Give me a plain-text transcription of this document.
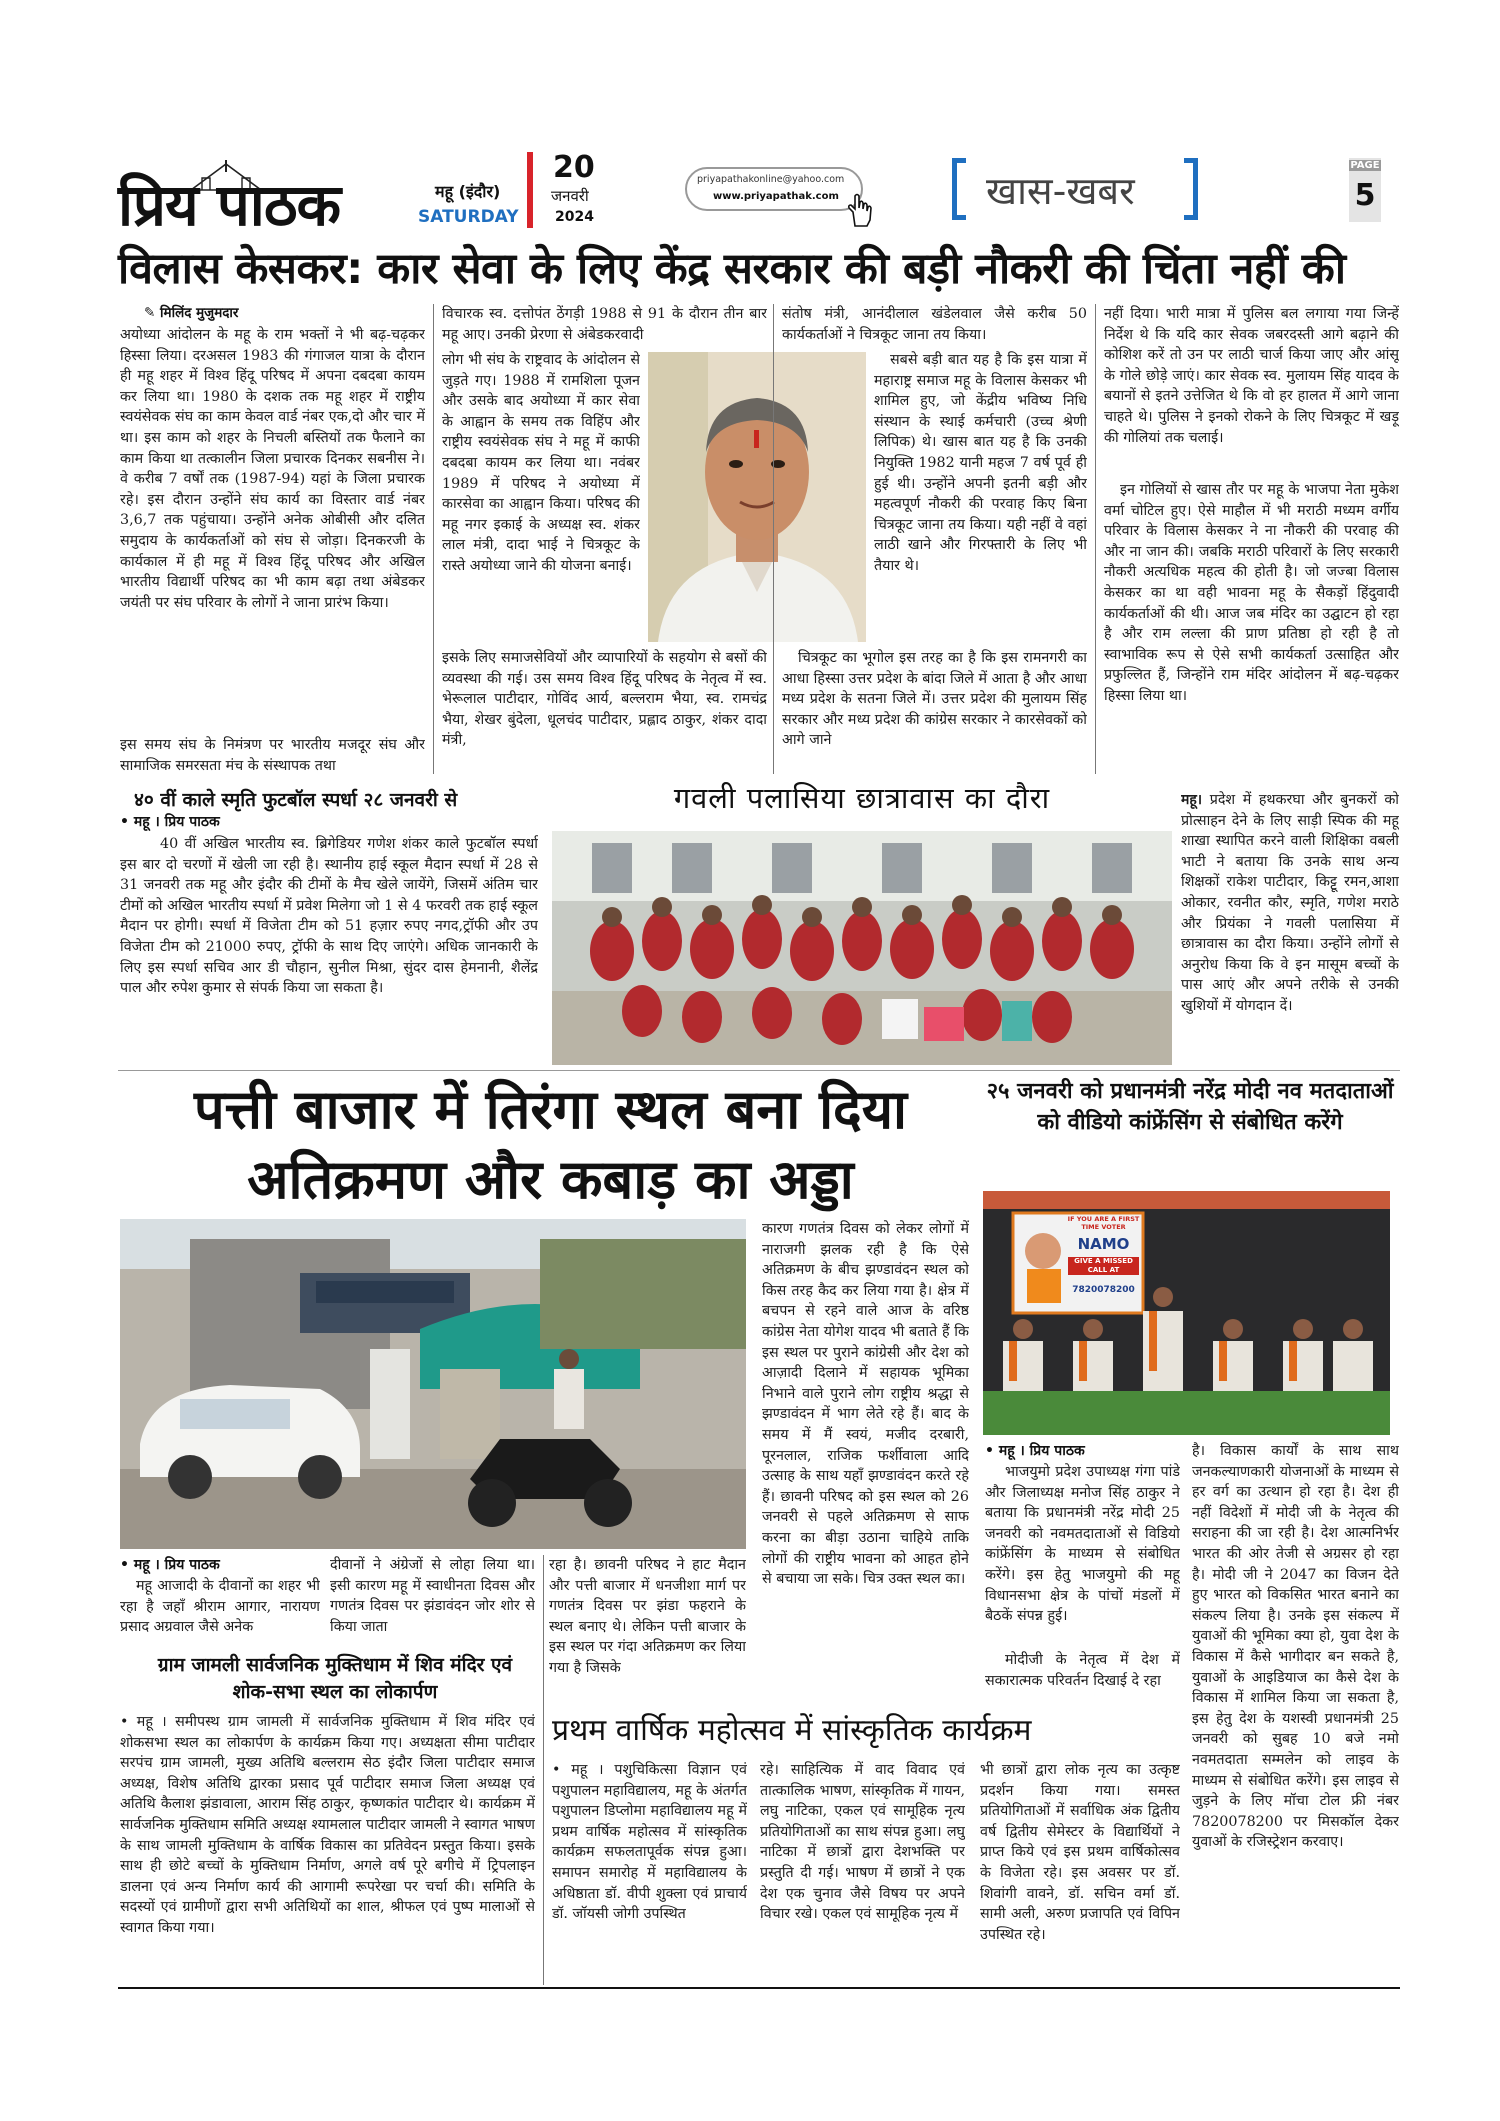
प्रिय पाठक	महू (इंदौर)
SATURDAY
20
जनवरी
2024
priyapathakonline@yahoo.com
www.priyapathak.com	खास-खबर
PAGE
5
विलास केसकर: कार सेवा के लिए केंद्र सरकार की बड़ी नौकरी की चिंता नहीं की
✎ मिलिंद मुजुमदार
अयोध्या आंदोलन के महू के राम भक्तों ने भी बढ़-चढ़कर हिस्सा लिया। दरअसल 1983 की गंगाजल यात्रा के दौरान ही महू शहर में विश्व हिंदू परिषद में अपना दबदबा कायम कर लिया था। 1980 के दशक तक महू शहर में राष्ट्रीय स्वयंसेवक संघ का काम केवल वार्ड नंबर एक,दो और चार में था। इस काम को शहर के निचली बस्तियों तक फैलाने का काम किया था तत्कालीन जिला प्रचारक दिनकर सबनीस ने। वे करीब 7 वर्षों तक (1987-94) यहां के जिला प्रचारक रहे। इस दौरान उन्होंने संघ कार्य का विस्तार वार्ड नंबर 3,6,7 तक पहुंचाया। उन्होंने अनेक ओबीसी और दलित समुदाय के कार्यकर्ताओं को संघ से जोड़ा। दिनकरजी के कार्यकाल में ही महू में विश्व हिंदू परिषद और अखिल भारतीय विद्यार्थी परिषद का भी काम बढ़ा तथा अंबेडकर जयंती पर संघ परिवार के लोगों ने जाना प्रारंभ किया।
इस समय संघ के निमंत्रण पर भारतीय मजदूर संघ और सामाजिक समरसता मंच के संस्थापक तथा
विचारक स्व. दत्तोपंत ठेंगड़ी 1988 से 91 के दौरान तीन बार महू आए। उनकी प्रेरणा से अंबेडकरवादी
लोग भी संघ के राष्ट्रवाद के आंदोलन से जुड़ते गए। 1988 में रामशिला पूजन और उसके बाद अयोध्या में कार सेवा के आह्वान के समय तक विहिंप और राष्ट्रीय स्वयंसेवक संघ ने महू में काफी दबदबा कायम कर लिया था। नवंबर 1989 में परिषद ने अयोध्या में कारसेवा का आह्वान किया। परिषद की महू नगर इकाई के अध्यक्ष स्व. शंकर लाल मंत्री, दादा भाई ने चित्रकूट के रास्ते अयोध्या जाने की योजना बनाई।
इसके लिए समाजसेवियों और व्यापारियों के सहयोग से बसों की व्यवस्था की गई। उस समय विश्व हिंदू परिषद के नेतृत्व में स्व. भेरूलाल पाटीदार, गोविंद आर्य, बल्लराम भैया, स्व. रामचंद्र भैया, शेखर बुंदेला, धूलचंद पाटीदार, प्रह्लाद ठाकुर, शंकर दादा मंत्री,
संतोष मंत्री, आनंदीलाल खंडेलवाल जैसे करीब 50 कार्यकर्ताओं ने चित्रकूट जाना तय किया।
सबसे बड़ी बात यह है कि इस यात्रा में महाराष्ट्र समाज महू के विलास केसकर भी शामिल हुए, जो केंद्रीय भविष्य निधि संस्थान के स्थाई कर्मचारी (उच्च श्रेणी लिपिक) थे। खास बात यह है कि उनकी नियुक्ति 1982 यानी महज 7 वर्ष पूर्व ही हुई थी। उन्होंने अपनी इतनी बड़ी और महत्वपूर्ण नौकरी की परवाह किए बिना चित्रकूट जाना तय किया। यही नहीं वे वहां लाठी खाने और गिरफ्तारी के लिए भी तैयार थे।
चित्रकूट का भूगोल इस तरह का है कि इस रामनगरी का आधा हिस्सा उत्तर प्रदेश के बांदा जिले में आता है और आधा मध्य प्रदेश के सतना जिले में। उत्तर प्रदेश की मुलायम सिंह सरकार और मध्य प्रदेश की कांग्रेस सरकार ने कारसेवकों को आगे जाने
नहीं दिया। भारी मात्रा में पुलिस बल लगाया गया जिन्हें निर्देश थे कि यदि कार सेवक जबरदस्ती आगे बढ़ाने की कोशिश करें तो उन पर लाठी चार्ज किया जाए और आंसू के गोले छोड़े जाएं। कार सेवक स्व. मुलायम सिंह यादव के बयानों से इतने उत्तेजित थे कि वो हर हालत में आगे जाना चाहते थे। पुलिस ने इनको रोकने के लिए चित्रकूट में खड़ू की गोलियां तक चलाई।
इन गोलियों से खास तौर पर महू के भाजपा नेता मुकेश वर्मा चोटिल हुए। ऐसे माहौल में भी मराठी मध्यम वर्गीय परिवार के विलास केसकर ने ना नौकरी की परवाह की और ना जान की। जबकि मराठी परिवारों के लिए सरकारी नौकरी अत्यधिक महत्व की होती है। जो जज्बा विलास केसकर का था वही भावना महू के सैकड़ों हिंदुवादी कार्यकर्ताओं की थी। आज जब मंदिर का उद्घाटन हो रहा है और राम लल्ला की प्राण प्रतिष्ठा हो रही है तो स्वाभाविक रूप से ऐसे सभी कार्यकर्ता उत्साहित और प्रफुल्लित हैं, जिन्होंने राम मंदिर आंदोलन में बढ़-चढ़कर हिस्सा लिया था।
४० वीं काले स्मृति फुटबॉल स्पर्धा २८ जनवरी से
• महू । प्रिय पाठक
40 वीं अखिल भारतीय स्व. ब्रिगेडियर गणेश शंकर काले फुटबॉल स्पर्धा इस बार दो चरणों में खेली जा रही है। स्थानीय हाई स्कूल मैदान स्पर्धा में 28 से 31 जनवरी तक महू और इंदौर की टीमों के मैच खेले जायेंगे, जिसमें अंतिम चार टीमों को अखिल भारतीय स्पर्धा में प्रवेश मिलेगा जो 1 से 4 फरवरी तक हाई स्कूल मैदान पर होगी। स्पर्धा में विजेता टीम को 51 हज़ार रुपए नगद,ट्रॉफी और उप विजेता टीम को 21000 रुपए, ट्रॉफी के साथ दिए जाएंगे। अधिक जानकारी के लिए इस स्पर्धा सचिव आर डी चौहान, सुनील मिश्रा, सुंदर दास हेमनानी, शैलेंद्र पाल और रुपेश कुमार से संपर्क किया जा सकता है।
गवली पलासिया छात्रावास का दौरा	महू। प्रदेश में हथकरघा और बुनकरों को प्रोत्साहन देने के लिए साड़ी स्पिक की महू शाखा स्थापित करने वाली शिक्षिका वबली भाटी ने बताया कि उनके साथ अन्य शिक्षकों राकेश पाटीदार, किट्टू रमन,आशा ओकार, रवनीत कौर, स्मृति, गणेश मराठे और प्रियंका ने गवली पलासिया में छात्रावास का दौरा किया। उन्होंने लोगों से अनुरोध किया कि वे इन मासूम बच्चों के पास आएं और अपने तरीके से उनकी खुशियों में योगदान दें।
पत्ती बाजार में तिरंगा स्थल बना दिया
अतिक्रमण और कबाड़ का अड्डा
• महू । प्रिय पाठक
महू आजादी के दीवानों का शहर भी रहा है जहाँ श्रीराम आगार, नारायण प्रसाद अग्रवाल जैसे अनेक
दीवानों ने अंग्रेजों से लोहा लिया था। इसी कारण महू में स्वाधीनता दिवस और गणतंत्र दिवस पर झंडावंदन जोर शोर से किया जाता
रहा है। छावनी परिषद ने हाट मैदान और पत्ती बाजार में धनजीशा मार्ग पर गणतंत्र दिवस पर झंडा फहराने के स्थल बनाए थे। लेकिन पत्ती बाजार के इस स्थल पर गंदा अतिक्रमण कर लिया गया है जिसके
कारण गणतंत्र दिवस को लेकर लोगों में नाराजगी झलक रही है कि ऐसे अतिक्रमण के बीच झण्डावंदन स्थल को किस तरह कैद कर लिया गया है। क्षेत्र में बचपन से रहने वाले आज के वरिष्ठ कांग्रेस नेता योगेश यादव भी बताते हैं कि इस स्थल पर पुराने कांग्रेसी और देश को आज़ादी दिलाने में सहायक भूमिका निभाने वाले पुराने लोग राष्ट्रीय श्रद्धा से झण्डावंदन में भाग लेते रहे हैं। बाद के समय में मैं स्वयं, मजीद दरबारी, पूरनलाल, राजिक फर्शीवाला आदि उत्साह के साथ यहाँ झण्डावंदन करते रहे हैं। छावनी परिषद को इस स्थल को 26 जनवरी से पहले अतिक्रमण से साफ करना का बीड़ा उठाना चाहिये ताकि लोगों की राष्ट्रीय भावना को आहत होने से बचाया जा सके। चित्र उक्त स्थल का।
ग्राम जामली सार्वजनिक मुक्तिधाम में शिव मंदिर एवं शोक-सभा स्थल का लोकार्पण
• महू । समीपस्थ ग्राम जामली में सार्वजनिक मुक्तिधाम में शिव मंदिर एवं शोकसभा स्थल का लोकार्पण के कार्यक्रम किया गए। अध्यक्षता सीमा पाटीदार सरपंच ग्राम जामली, मुख्य अतिथि बल्लराम सेठ इंदौर जिला पाटीदार समाज अध्यक्ष, विशेष अतिथि द्वारका प्रसाद पूर्व पाटीदार समाज जिला अध्यक्ष एवं अतिथि कैलाश झंडावाला, आराम सिंह ठाकुर, कृष्णकांत पाटीदार थे। कार्यक्रम में सार्वजनिक मुक्तिधाम समिति अध्यक्ष श्यामलाल पाटीदार जामली ने स्वागत भाषण के साथ जामली मुक्तिधाम के वार्षिक विकास का प्रतिवेदन प्रस्तुत किया। इसके साथ ही छोटे बच्चों के मुक्तिधाम निर्माण, अगले वर्ष पूरे बगीचे में ट्रिपलाइन डालना एवं अन्य निर्माण कार्य की आगामी रूपरेखा पर चर्चा की। समिति के सदस्यों एवं ग्रामीणों द्वारा सभी अतिथियों का शाल, श्रीफल एवं पुष्प मालाओं से स्वागत किया गया।
प्रथम वार्षिक महोत्सव में सांस्कृतिक कार्यक्रम
• महू । पशुचिकित्सा विज्ञान एवं पशुपालन महाविद्यालय, महू के अंतर्गत पशुपालन डिप्लोमा महाविद्यालय महू में प्रथम वार्षिक महोत्सव में सांस्कृतिक कार्यक्रम सफलतापूर्वक संपन्न हुआ। समापन समारोह में महाविद्यालय के अधिष्ठाता डॉ. वीपी शुक्ला एवं प्राचार्य डॉ. जॉयसी जोगी उपस्थित
रहे। साहित्यिक में वाद विवाद एवं तात्कालिक भाषण, सांस्कृतिक में गायन, लघु नाटिका, एकल एवं सामूहिक नृत्य प्रतियोगिताओं का साथ संपन्न हुआ। लघु नाटिका में छात्रों द्वारा देशभक्ति पर प्रस्तुति दी गई। भाषण में छात्रों ने एक देश एक चुनाव जैसे विषय पर अपने विचार रखे। एकल एवं सामूहिक नृत्य में
भी छात्रों द्वारा लोक नृत्य का उत्कृष्ट प्रदर्शन किया गया। समस्त प्रतियोगिताओं में सर्वाधिक अंक द्वितीय वर्ष द्वितीय सेमेस्टर के विद्यार्थियों ने प्राप्त किये एवं इस प्रथम वार्षिकोत्सव के विजेता रहे। इस अवसर पर डॉ. शिवांगी वावने, डॉ. सचिन वर्मा डॉ. सामी अली, अरुण प्रजापति एवं विपिन उपस्थित रहे।
२५ जनवरी को प्रधानमंत्री नरेंद्र मोदी नव मतदाताओं को वीडियो कांफ्रेंसिंग से संबोधित करेंगे
IF YOU ARE A FIRST TIME VOTER
NAMO
GIVE A MISSED CALL AT
7820078200
• महू । प्रिय पाठक
भाजयुमो प्रदेश उपाध्यक्ष गंगा पांडे और जिलाध्यक्ष मनोज सिंह ठाकुर ने बताया कि प्रधानमंत्री नरेंद्र मोदी 25 जनवरी को नवमतदाताओं से विडियो कांफ्रेंसिंग के माध्यम से संबोधित करेंगे। इस हेतु भाजयुमो की महू विधानसभा क्षेत्र के पांचों मंडलों में बैठकें संपन्न हुई।
मोदीजी के नेतृत्व में देश में सकारात्मक परिवर्तन दिखाई दे रहा
है। विकास कार्यों के साथ साथ जनकल्याणकारी योजनाओं के माध्यम से हर वर्ग का उत्थान हो रहा है। देश ही नहीं विदेशों में मोदी जी के नेतृत्व की सराहना की जा रही है। देश आत्मनिर्भर भारत की ओर तेजी से अग्रसर हो रहा है। मोदी जी ने 2047 का विजन देते हुए भारत को विकसित भारत बनाने का संकल्प लिया है। उनके इस संकल्प में युवाओं की भूमिका क्या हो, युवा देश के विकास में कैसे भागीदार बन सकते है, युवाओं के आइडियाज का कैसे देश के विकास में शामिल किया जा सकता है, इस हेतु देश के यशस्वी प्रधानमंत्री 25 जनवरी को सुबह 10 बजे नमो नवमतदाता सम्मलेन को लाइव के माध्यम से संबोधित करेंगे। इस लाइव से जुड़ने के लिए मॉचा टोल फ्री नंबर 7820078200 पर मिसकॉल देकर युवाओं के रजिस्ट्रेशन करवाए।
